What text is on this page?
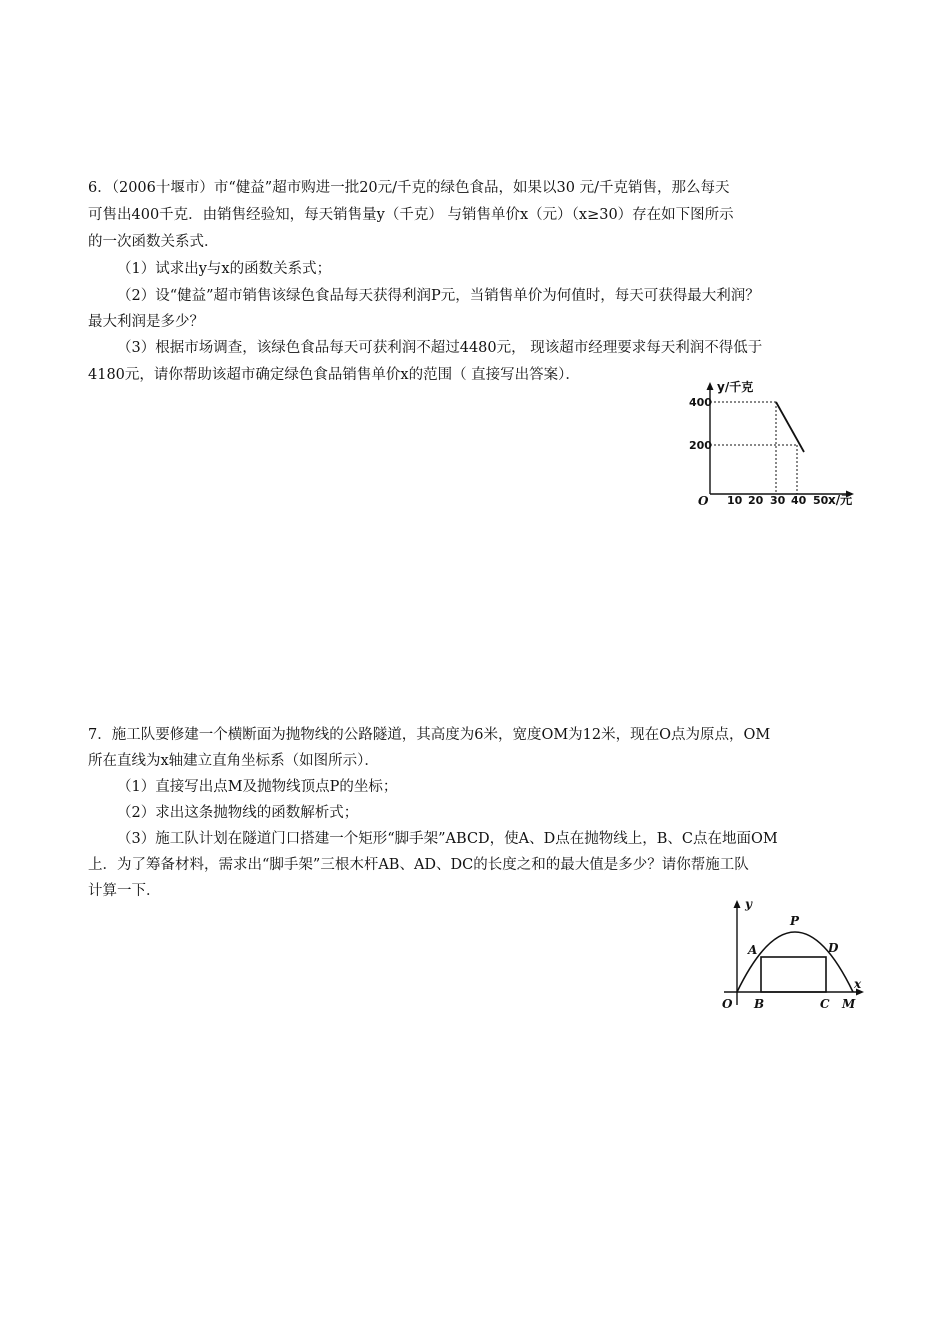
6．（2006十堰市）市“健益”超市购进一批20元/千克的绿色食品，如果以30 元/千克销售，那么每天
可售出400千克．由销售经验知，每天销售量y（千克） 与销售单价x（元）（x≥30）存在如下图所示
的一次函数关系式．
（1）试求出y与x的函数关系式；
（2）设“健益”超市销售该绿色食品每天获得利润P元，当销售单价为何值时，每天可获得最大利润？
最大利润是多少？
（3）根据市场调查，该绿色食品每天可获利润不超过4480元， 现该超市经理要求每天利润不得低于
4180元，请你帮助该超市确定绿色食品销售单价x的范围（ 直接写出答案）．
y/千克
x/元
O
400
200
10 20 30 40 50
7．施工队要修建一个横断面为抛物线的公路隧道，其高度为6米，宽度OM为12米，现在O点为原点，OM
所在直线为x轴建立直角坐标系（如图所示）．
（1）直接写出点M及抛物线顶点P的坐标；
（2）求出这条抛物线的函数解析式；
（3）施工队计划在隧道门口搭建一个矩形“脚手架”ABCD，使A、D点在抛物线上，B、C点在地面OM
上．为了筹备材料，需求出“脚手架”三根木杆AB、AD、DC的长度之和的最大值是多少？请你帮施工队
计算一下．
y
x
O
P
A	D
B	C M
